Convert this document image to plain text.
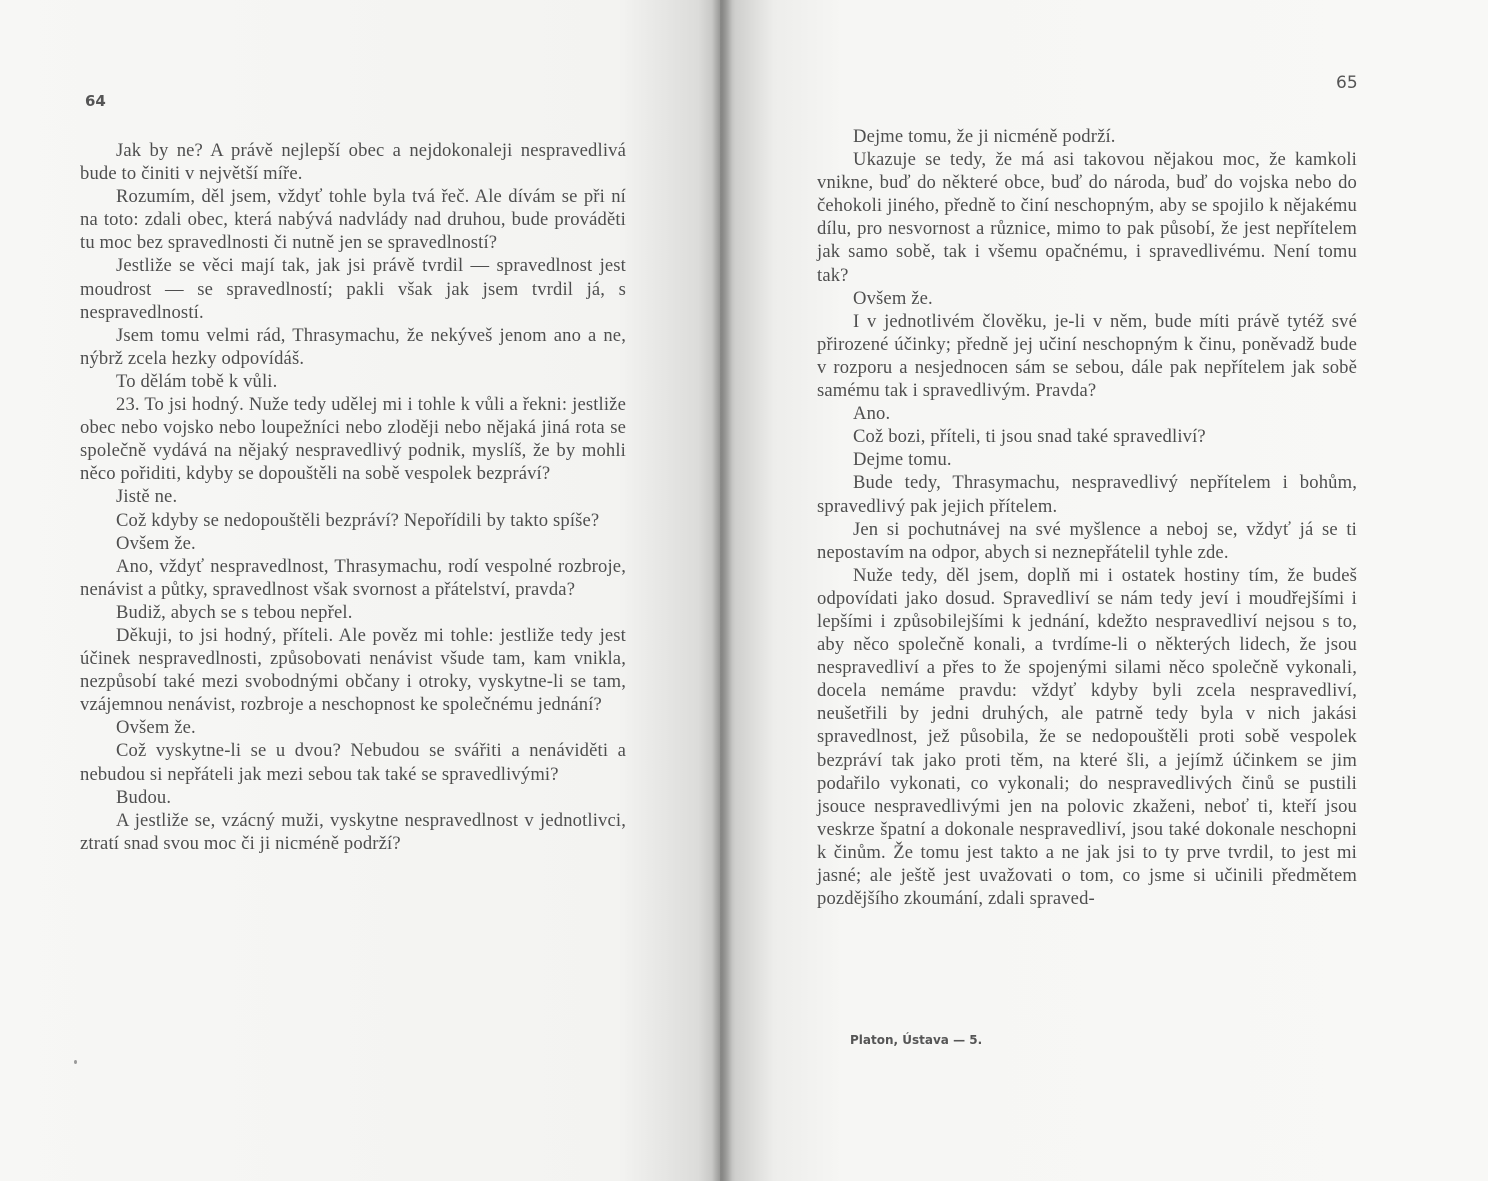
64

Jak by ne? A právě nejlepší obec a nejdokonaleji nespravedlivá bude to činiti v největší míře.

Rozumím, děl jsem, vždyť tohle byla tvá řeč. Ale dívám se při ní na toto: zdali obec, která nabývá nadvlády nad druhou, bude prováděti tu moc bez spravedlnosti či nutně jen se spravedlností?

Jestliže se věci mají tak, jak jsi právě tvrdil — spravedlnost jest moudrost — se spravedlností; pakli však jak jsem tvrdil já, s nespravedlností.

Jsem tomu velmi rád, Thrasymachu, že nekýveš jenom ano a ne, nýbrž zcela hezky odpovídáš.

To dělám tobě k vůli.

23. To jsi hodný. Nuže tedy udělej mi i tohle k vůli a řekni: jestliže obec nebo vojsko nebo loupežníci nebo zloději nebo nějaká jiná rota se společně vydává na nějaký nespravedlivý podnik, myslíš, že by mohli něco pořiditi, kdyby se dopouštěli na sobě vespolek bezpráví?

Jistě ne.

Což kdyby se nedopouštěli bezpráví? Nepořídili by takto spíše?

Ovšem že.

Ano, vždyť nespravedlnost, Thrasymachu, rodí vespolné rozbroje, nenávist a půtky, spravedlnost však svornost a přátelství, pravda?

Budiž, abych se s tebou nepřel.

Děkuji, to jsi hodný, příteli. Ale pověz mi tohle: jestliže tedy jest účinek nespravedlnosti, způsobovati nenávist všude tam, kam vnikla, nezpůsobí také mezi svobodnými občany i otroky, vyskytne-li se tam, vzájemnou nenávist, rozbroje a neschopnost ke společnému jednání?

Ovšem že.

Což vyskytne-li se u dvou? Nebudou se svářiti a nenáviděti a nebudou si nepřáteli jak mezi sebou tak také se spravedlivými?

Budou.

A jestliže se, vzácný muži, vyskytne nespravedlnost v jednotlivci, ztratí snad svou moc či ji nicméně podrží?

Dejme tomu, že ji nicméně podrží.

Ukazuje se tedy, že má asi takovou nějakou moc, že kamkoli vnikne, buď do některé obce, buď do národa, buď do vojska nebo do čehokoli jiného, předně to činí neschopným, aby se spojilo k nějakému dílu, pro nesvornost a různice, mimo to pak působí, že jest nepřítelem jak samo sobě, tak i všemu opačnému, i spravedlivému. Není tomu tak?

Ovšem že.

I v jednotlivém člověku, je-li v něm, bude míti právě tytéž své přirozené účinky; předně jej učiní neschopným k činu, poněvadž bude v rozporu a nesjednocen sám se sebou, dále pak nepřítelem jak sobě samému tak i spravedlivým. Pravda?

Ano.

Což bozi, příteli, ti jsou snad také spravedliví?

Dejme tomu.

Bude tedy, Thrasymachu, nespravedlivý nepřítelem i bohům, spravedlivý pak jejich přítelem.

Jen si pochutnávej na své myšlence a neboj se, vždyť já se ti nepostavím na odpor, abych si neznepřátelil tyhle zde.

Nuže tedy, děl jsem, doplň mi i ostatek hostiny tím, že budeš odpovídati jako dosud. Spravedliví se nám tedy jeví i moudřejšími i lepšími i způsobilejšími k jednání, kdežto nespravedliví nejsou s to, aby něco společně konali, a tvrdíme-li o některých lidech, že jsou nespravedliví a přes to že spojenými silami něco společně vykonali, docela nemáme pravdu: vždyť kdyby byli zcela nespravedliví, neušetřili by jedni druhých, ale patrně tedy byla v nich jakási spravedlnost, jež působila, že se nedopouštěli proti sobě vespolek bezpráví tak jako proti těm, na které šli, a jejímž účinkem se jim podařilo vykonati, co vykonali; do nespravedlivých činů se pustili jsouce nespravedlivými jen na polovic zkaženi, neboť ti, kteří jsou veskrze špatní a dokonale nespravedliví, jsou také dokonale neschopni k činům. Že tomu jest takto a ne jak jsi to ty prve tvrdil, to jest mi jasné; ale ještě jest uvažovati o tom, co jsme si učinili předmětem pozdějšího zkoumání, zdali spraved-

65
Platon, Ústava — 5.
